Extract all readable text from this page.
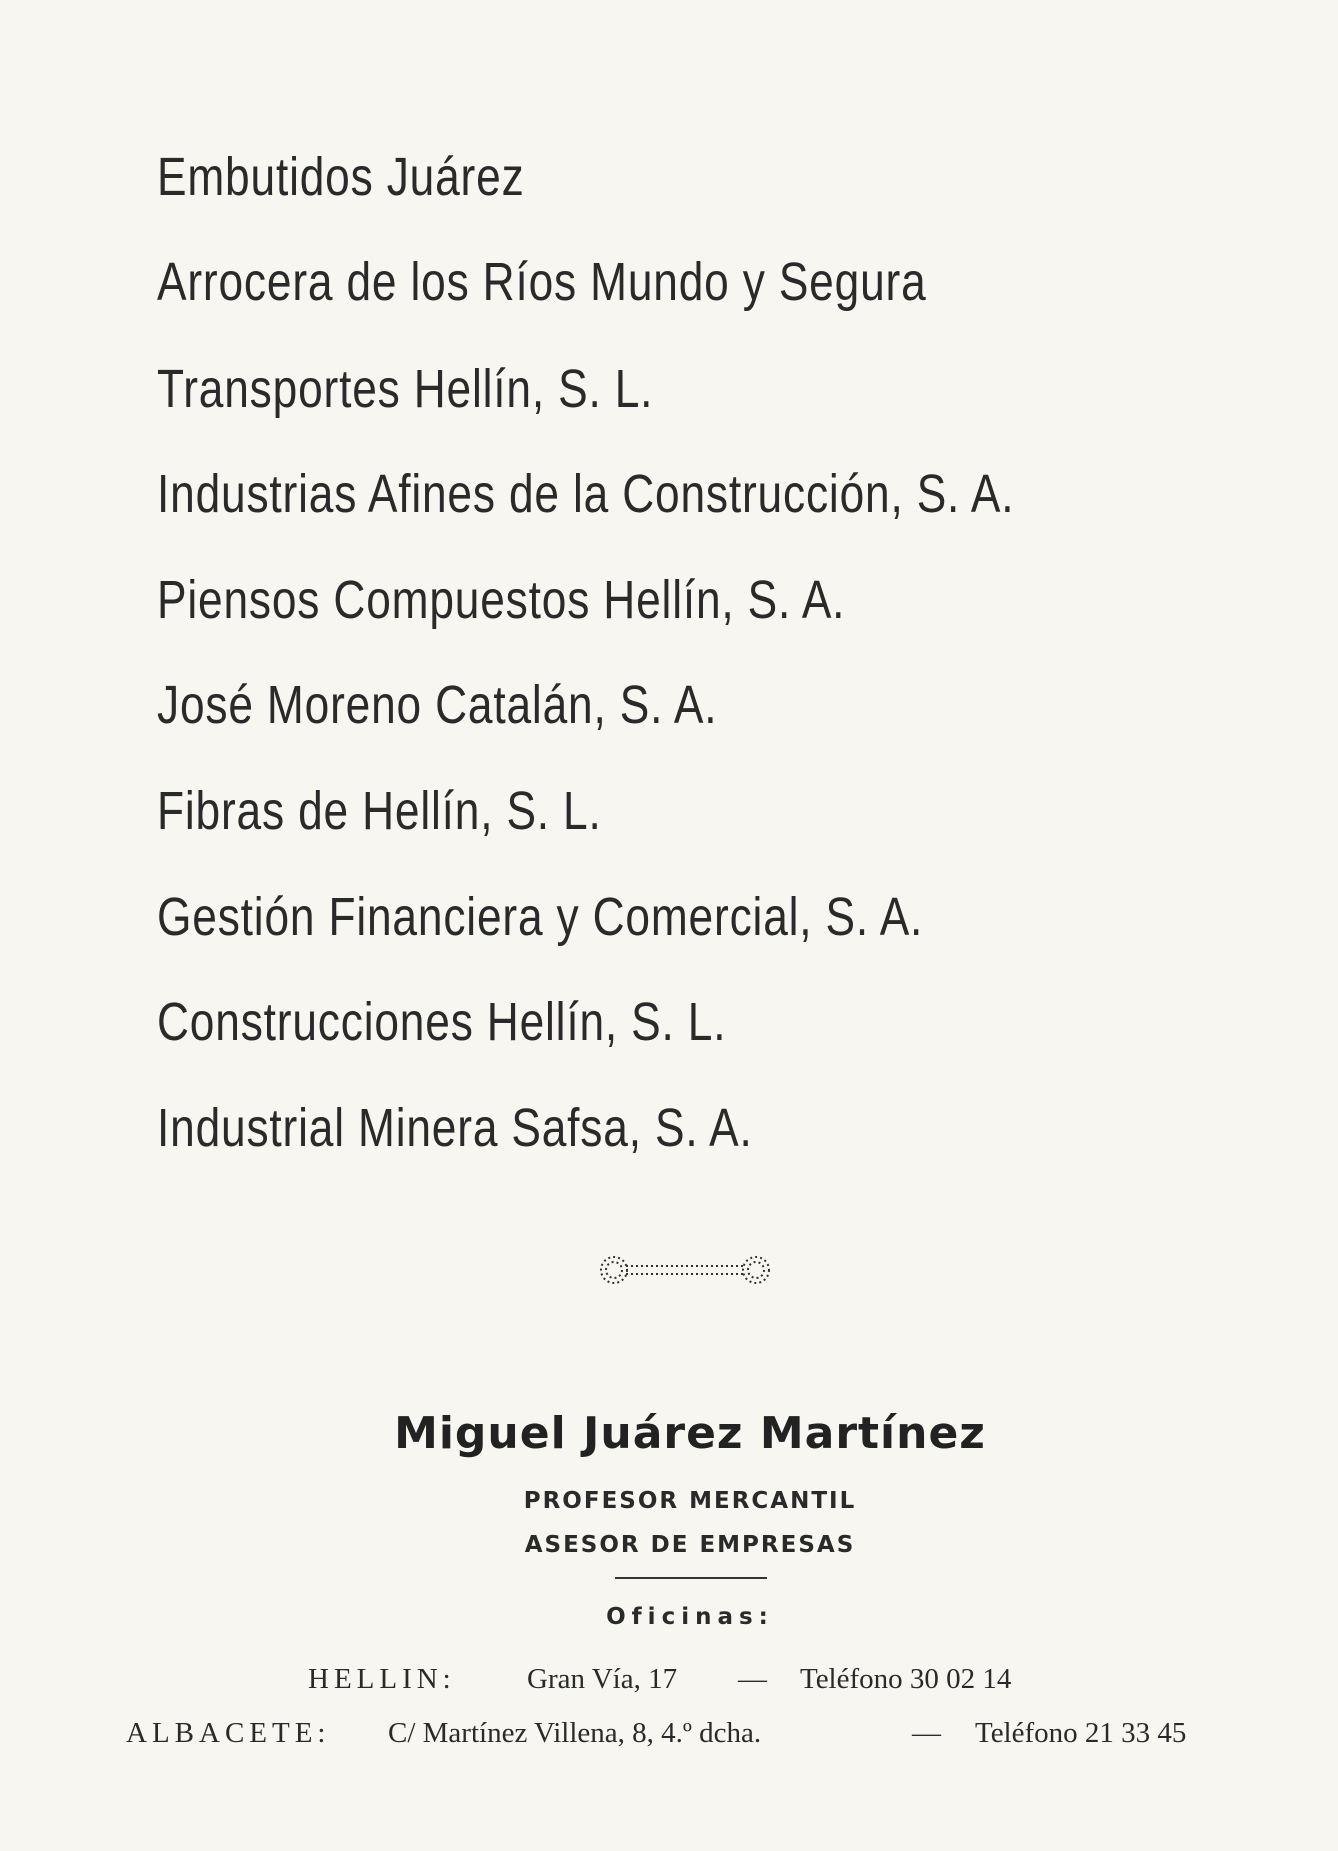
Embutidos Juárez
Arrocera de los Ríos Mundo y Segura
Transportes Hellín, S. L.
Industrias Afines de la Construcción, S. A.
Piensos Compuestos Hellín, S. A.
José Moreno Catalán, S. A.
Fibras de Hellín, S. L.
Gestión Financiera y Comercial, S. A.
Construcciones Hellín, S. L.
Industrial Minera Safsa, S. A.
Miguel Juárez Martínez
PROFESOR MERCANTIL
ASESOR DE EMPRESAS
Oficinas:
HELLIN: Gran Vía, 17 — Teléfono 30 02 14
ALBACETE: C/ Martínez Villena, 8, 4.º dcha.	— Teléfono 21 33 45
